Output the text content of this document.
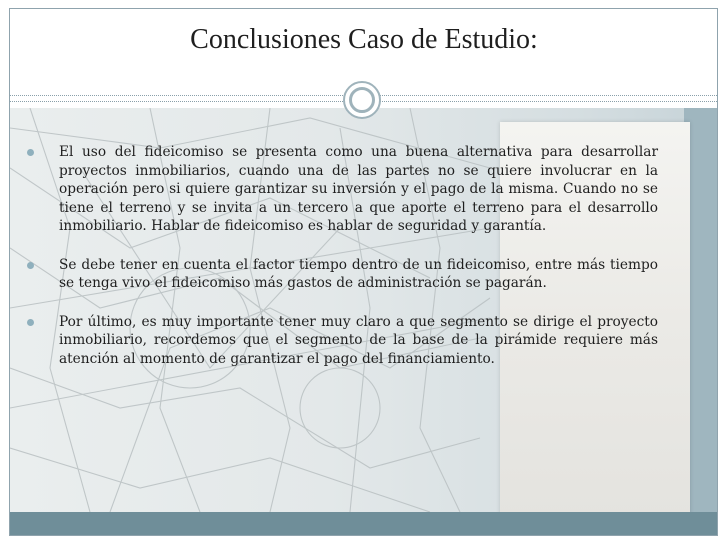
Conclusiones Caso de Estudio:
El uso del fideicomiso se presenta como una buena alternativa para desarrollar proyectos inmobiliarios, cuando una de las partes no se quiere involucrar en la operación pero si quiere garantizar su inversión y el pago de la misma. Cuando no se tiene el terreno y se invita a un tercero a que aporte el terreno para el desarrollo inmobiliario. Hablar de fideicomiso es hablar de seguridad y garantía.
Se debe tener en cuenta el factor tiempo dentro de un fideicomiso, entre más tiempo se tenga vivo el fideicomiso más gastos de administración se pagarán.
Por último, es muy importante tener muy claro a que segmento se dirige el proyecto inmobiliario, recordemos que el segmento de la base de la pirámide requiere más atención al momento de garantizar el pago del financiamiento.
